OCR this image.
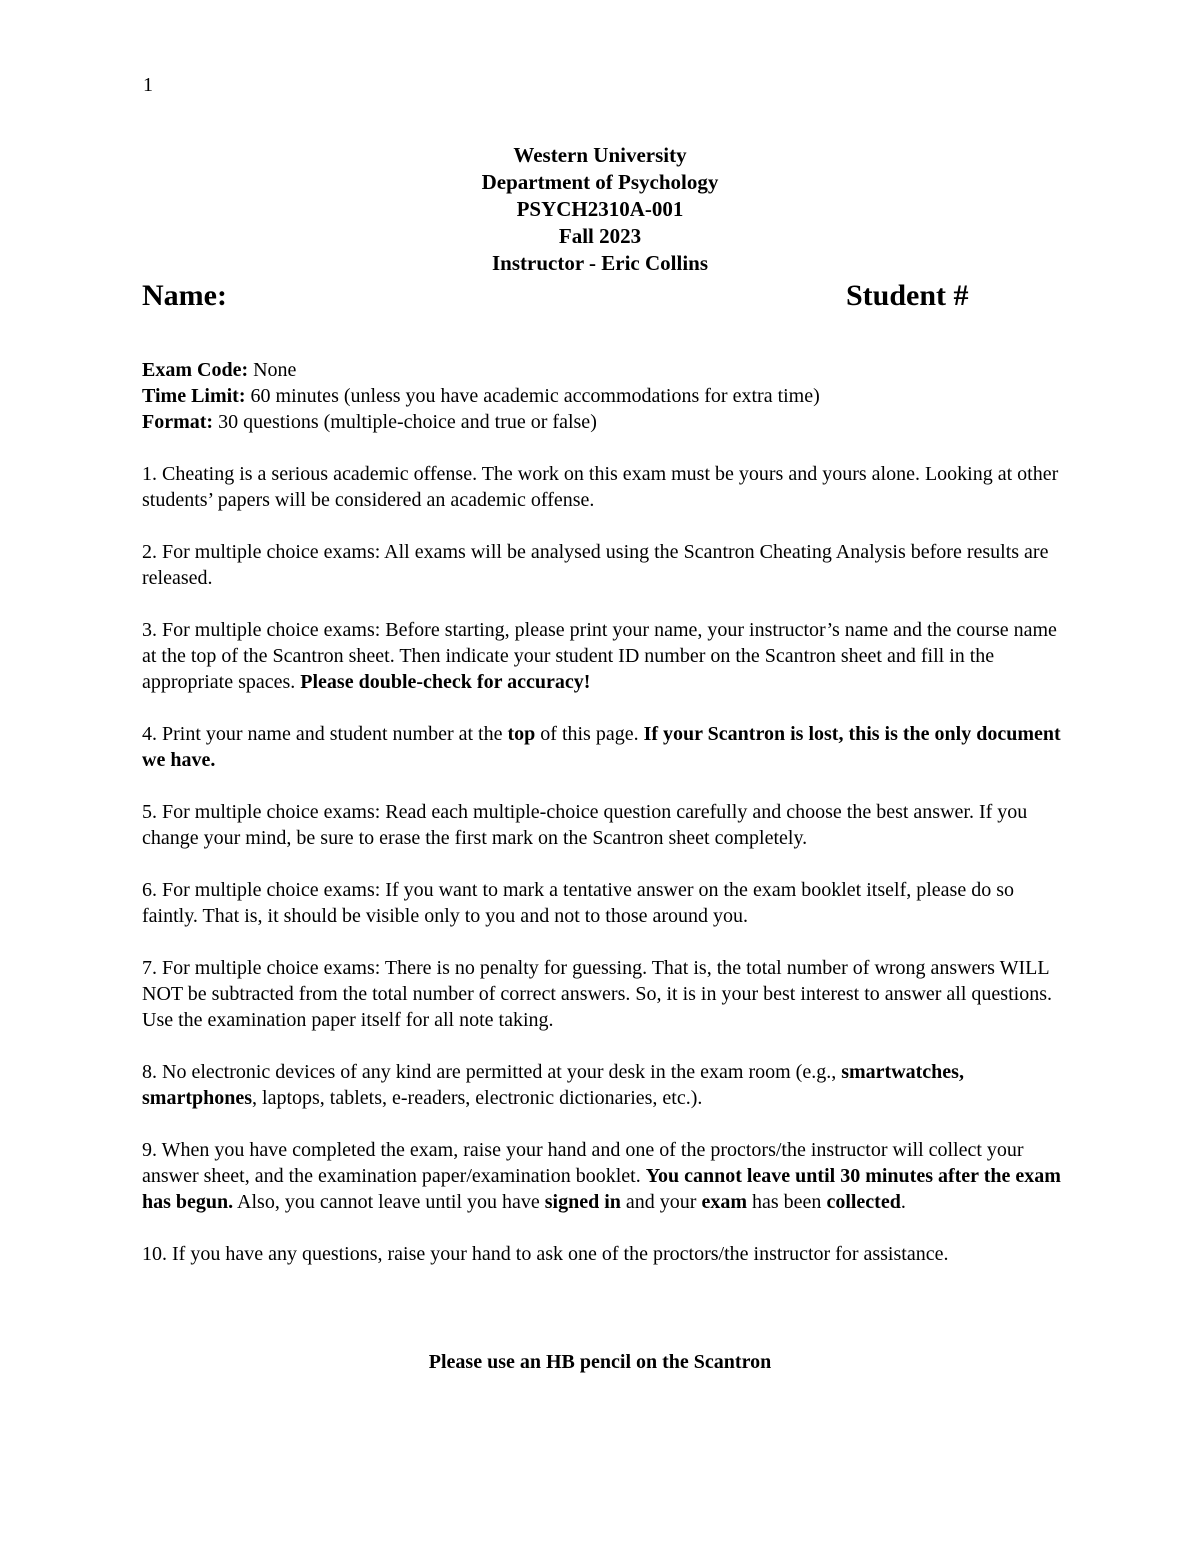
1
Western University
Department of Psychology
PSYCH2310A-001
Fall 2023
Instructor - Eric Collins
Name:	Student #
Exam Code: None
Time Limit: 60 minutes (unless you have academic accommodations for extra time)
Format: 30 questions (multiple-choice and true or false)

1. Cheating is a serious academic offense. The work on this exam must be yours and yours alone. Looking at other students’ papers will be considered an academic offense.

2. For multiple choice exams: All exams will be analysed using the Scantron Cheating Analysis before results are released.

3. For multiple choice exams: Before starting, please print your name, your instructor’s name and the course name at the top of the Scantron sheet. Then indicate your student ID number on the Scantron sheet and fill in the appropriate spaces. Please double-check for accuracy!

4. Print your name and student number at the top of this page. If your Scantron is lost, this is the only document we have.

5. For multiple choice exams: Read each multiple-choice question carefully and choose the best answer. If you change your mind, be sure to erase the first mark on the Scantron sheet completely.

6. For multiple choice exams: If you want to mark a tentative answer on the exam booklet itself, please do so faintly. That is, it should be visible only to you and not to those around you.

7. For multiple choice exams: There is no penalty for guessing. That is, the total number of wrong answers WILL NOT be subtracted from the total number of correct answers. So, it is in your best interest to answer all questions. Use the examination paper itself for all note taking.

8. No electronic devices of any kind are permitted at your desk in the exam room (e.g., smartwatches, smartphones, laptops, tablets, e-readers, electronic dictionaries, etc.).

9. When you have completed the exam, raise your hand and one of the proctors/the instructor will collect your answer sheet, and the examination paper/examination booklet. You cannot leave until 30 minutes after the exam has begun. Also, you cannot leave until you have signed in and your exam has been collected.

10. If you have any questions, raise your hand to ask one of the proctors/the instructor for assistance.

Please use an HB pencil on the Scantron
